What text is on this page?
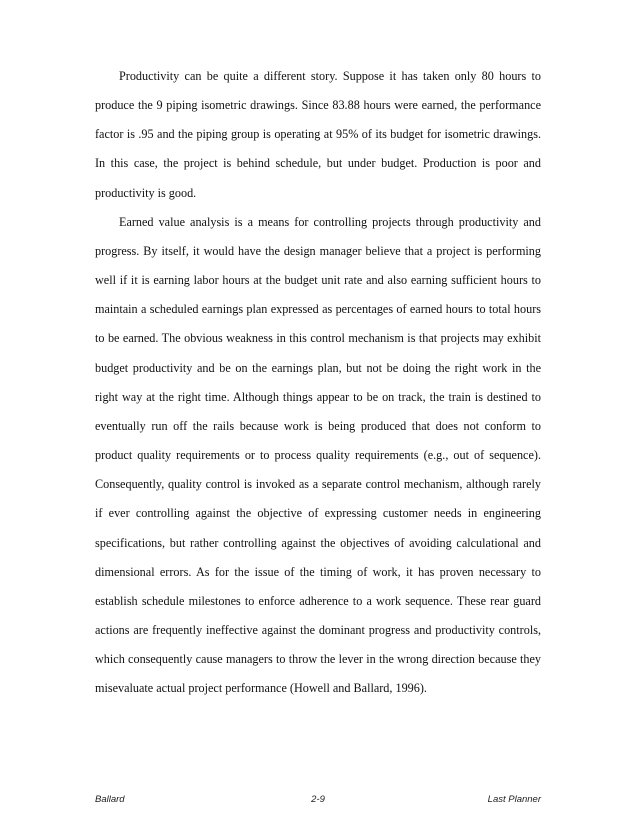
Productivity can be quite a different story. Suppose it has taken only 80 hours to produce the 9 piping isometric drawings. Since 83.88 hours were earned, the performance factor is .95 and the piping group is operating at 95% of its budget for isometric drawings. In this case, the project is behind schedule, but under budget. Production is poor and productivity is good.

Earned value analysis is a means for controlling projects through productivity and progress. By itself, it would have the design manager believe that a project is performing well if it is earning labor hours at the budget unit rate and also earning sufficient hours to maintain a scheduled earnings plan expressed as percentages of earned hours to total hours to be earned. The obvious weakness in this control mechanism is that projects may exhibit budget productivity and be on the earnings plan, but not be doing the right work in the right way at the right time. Although things appear to be on track, the train is destined to eventually run off the rails because work is being produced that does not conform to product quality requirements or to process quality requirements (e.g., out of sequence). Consequently, quality control is invoked as a separate control mechanism, although rarely if ever controlling against the objective of expressing customer needs in engineering specifications, but rather controlling against the objectives of avoiding calculational and dimensional errors. As for the issue of the timing of work, it has proven necessary to establish schedule milestones to enforce adherence to a work sequence. These rear guard actions are frequently ineffective against the dominant progress and productivity controls, which consequently cause managers to throw the lever in the wrong direction because they misevaluate actual project performance (Howell and Ballard, 1996).

Ballard	2-9	Last Planner
